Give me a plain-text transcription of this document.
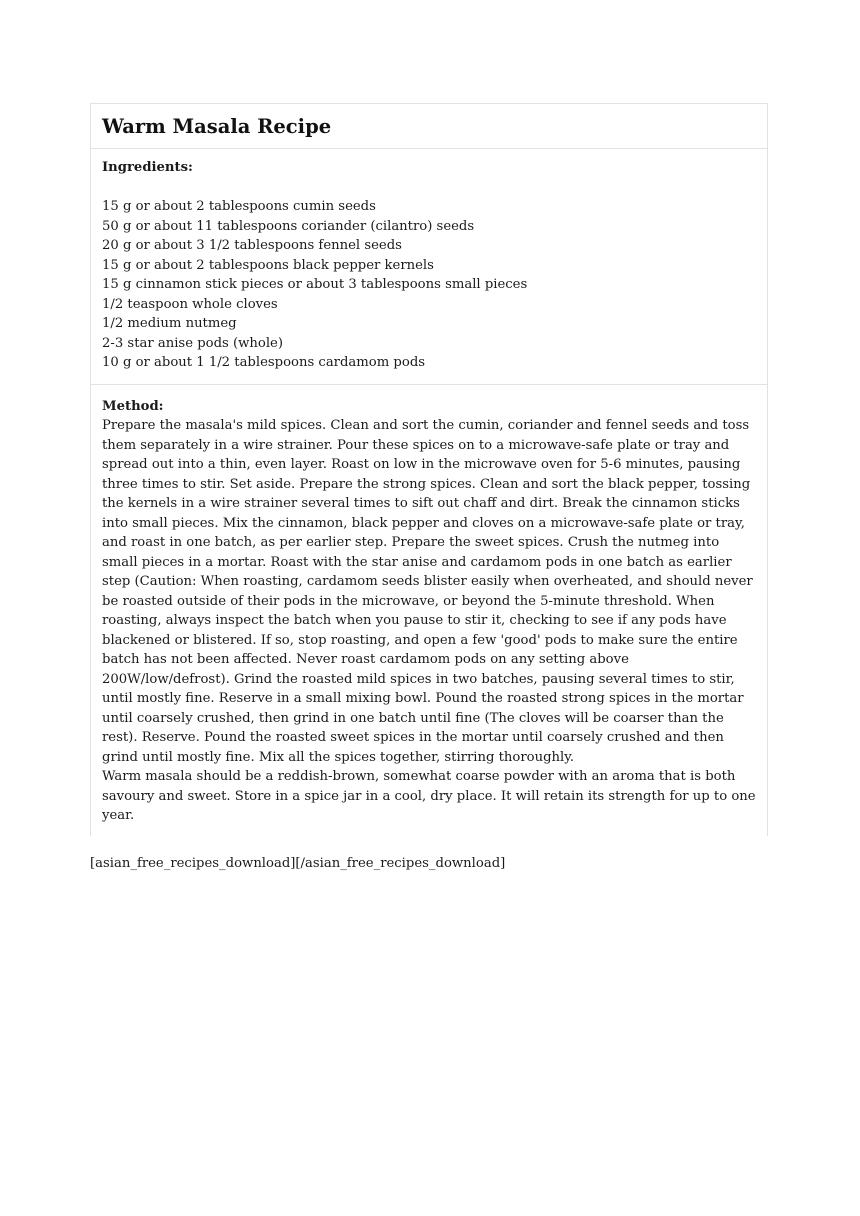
Warm Masala Recipe

Ingredients:

15 g or about 2 tablespoons cumin seeds
50 g or about 11 tablespoons coriander (cilantro) seeds
20 g or about 3 1/2 tablespoons fennel seeds
15 g or about 2 tablespoons black pepper kernels
15 g cinnamon stick pieces or about 3 tablespoons small pieces
1/2 teaspoon whole cloves
1/2 medium nutmeg
2-3 star anise pods (whole)
10 g or about 1 1/2 tablespoons cardamom pods

Method:

Prepare the masala's mild spices. Clean and sort the cumin, coriander and fennel seeds and toss them separately in a wire strainer. Pour these spices on to a microwave-safe plate or tray and spread out into a thin, even layer. Roast on low in the microwave oven for 5-6 minutes, pausing three times to stir. Set aside. Prepare the strong spices. Clean and sort the black pepper, tossing the kernels in a wire strainer several times to sift out chaff and dirt. Break the cinnamon sticks into small pieces. Mix the cinnamon, black pepper and cloves on a microwave-safe plate or tray, and roast in one batch, as per earlier step. Prepare the sweet spices. Crush the nutmeg into small pieces in a mortar. Roast with the star anise and cardamom pods in one batch as earlier step (Caution: When roasting, cardamom seeds blister easily when overheated, and should never be roasted outside of their pods in the microwave, or beyond the 5-minute threshold. When roasting, always inspect the batch when you pause to stir it, checking to see if any pods have blackened or blistered. If so, stop roasting, and open a few 'good' pods to make sure the entire batch has not been affected. Never roast cardamom pods on any setting above 200W/low/defrost). Grind the roasted mild spices in two batches, pausing several times to stir, until mostly fine. Reserve in a small mixing bowl. Pound the roasted strong spices in the mortar until coarsely crushed, then grind in one batch until fine (The cloves will be coarser than the rest). Reserve. Pound the roasted sweet spices in the mortar until coarsely crushed and then grind until mostly fine. Mix all the spices together, stirring thoroughly.

Warm masala should be a reddish-brown, somewhat coarse powder with an aroma that is both savoury and sweet. Store in a spice jar in a cool, dry place. It will retain its strength for up to one year.

[asian_free_recipes_download][/asian_free_recipes_download]
